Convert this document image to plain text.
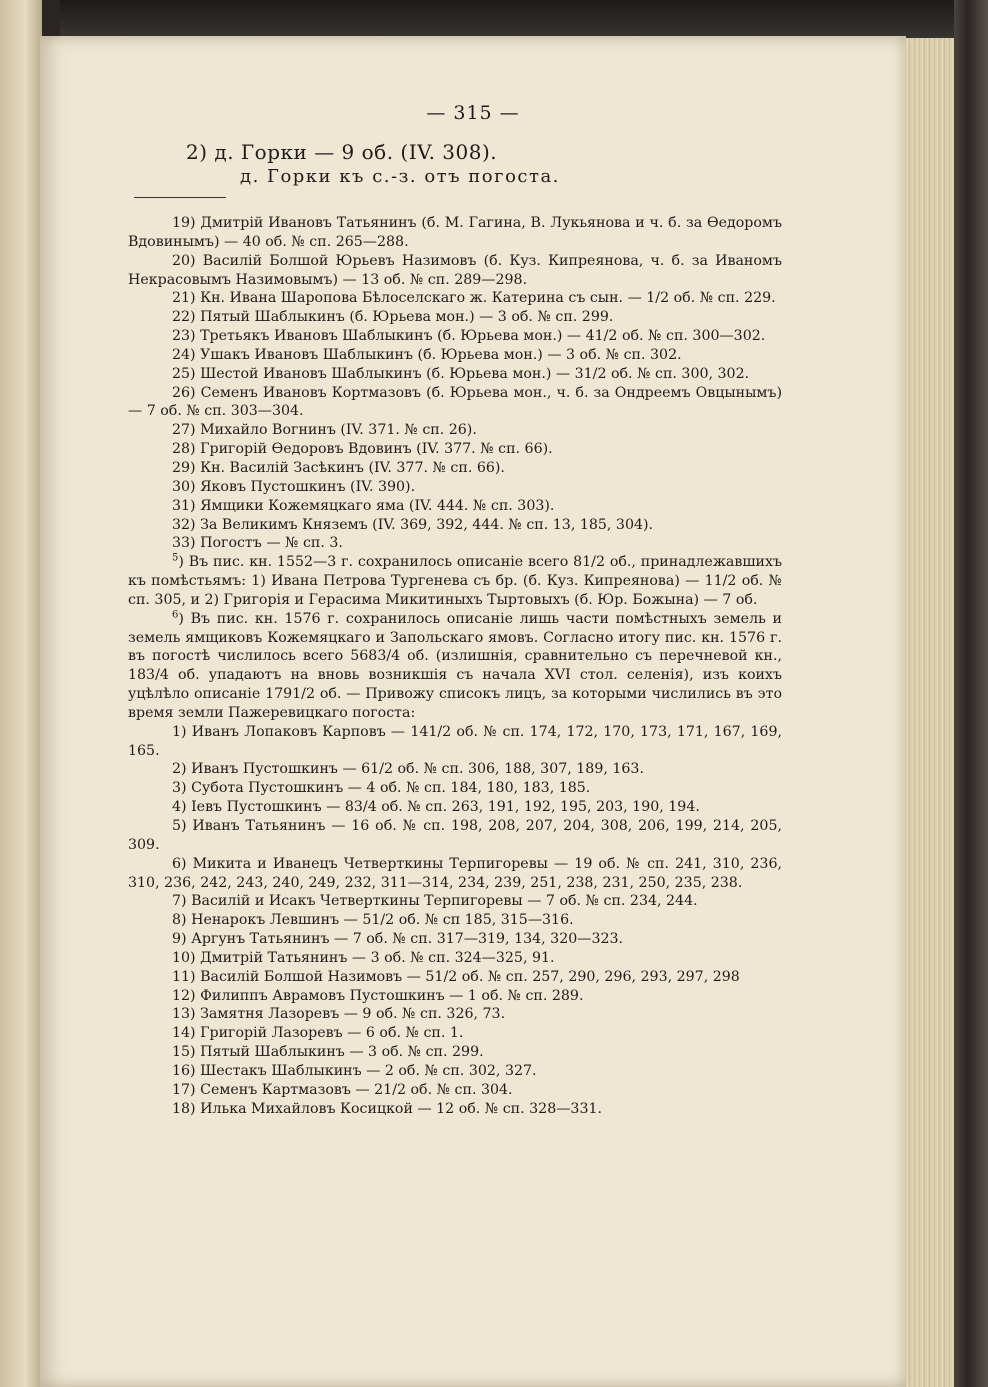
— 315 —
2) д. Горки — 9 об. (IV. 308).
д. Горки къ с.-з. отъ погоста.

19) Дмитрій Ивановъ Татьянинъ (б. М. Гагина, В. Лукьянова и ч. б. за Ѳедоромъ Вдовинымъ) — 40 об. № сп. 265—288.

20) Василій Болшой Юрьевъ Назимовъ (б. Куз. Кипреянова, ч. б. за Иваномъ Некрасовымъ Назимовымъ) — 13 об. № сп. 289—298.

21) Кн. Ивана Шаропова Бѣлоселскаго ж. Катерина съ сын. — 1/2 об. № сп. 229.

22) Пятый Шаблыкинъ (б. Юрьева мон.) — 3 об. № сп. 299.

23) Третьякъ Ивановъ Шаблыкинъ (б. Юрьева мон.) — 41/2 об. № сп. 300—302.

24) Ушакъ Ивановъ Шаблыкинъ (б. Юрьева мон.) — 3 об. № сп. 302.

25) Шестой Ивановъ Шаблыкинъ (б. Юрьева мон.) — 31/2 об. № сп. 300, 302.

26) Семенъ Ивановъ Кортмазовъ (б. Юрьева мон., ч. б. за Ондреемъ Овцынымъ) — 7 об. № сп. 303—304.

27) Михайло Вогнинъ (IV. 371. № сп. 26).

28) Григорій Ѳедоровъ Вдовинъ (IV. 377. № сп. 66).

29) Кн. Василій Засѣкинъ (IV. 377. № сп. 66).

30) Яковъ Пустошкинъ (IV. 390).

31) Ямщики Кожемяцкаго яма (IV. 444. № сп. 303).

32) За Великимъ Княземъ (IV. 369, 392, 444. № сп. 13, 185, 304).

33) Погостъ — № сп. 3.

$^5$) Въ пис. кн. 1552—3 г. сохранилось описаніе всего 81/2 об., принадлежавшихъ къ помѣстьямъ: 1) Ивана Петрова Тургенева съ бр. (б. Куз. Кипреянова) — 11/2 об. № сп. 305, и 2) Григорія и Герасима Микитиныхъ Тыртовыхъ (б. Юр. Божына) — 7 об.

$^6$) Въ пис. кн. 1576 г. сохранилось описаніе лишь части помѣстныхъ земель и земель ямщиковъ Кожемяцкаго и Запольскаго ямовъ. Согласно итогу пис. кн. 1576 г. въ погостѣ числилось всего 5683/4 об. (излишнія, сравнительно съ перечневой кн., 183/4 об. упадаютъ на вновь возникшія съ начала XVI стол. селенія), изъ коихъ уцѣлѣло описаніе 1791/2 об. — Привожу списокъ лицъ, за которыми числились въ это время земли Пажеревицкаго погоста:

1) Иванъ Лопаковъ Карповъ — 141/2 об. № сп. 174, 172, 170, 173, 171, 167, 169, 165.

2) Иванъ Пустошкинъ — 61/2 об. № сп. 306, 188, 307, 189, 163.

3) Субота Пустошкинъ — 4 об. № сп. 184, 180, 183, 185.

4) Іевъ Пустошкинъ — 83/4 об. № сп. 263, 191, 192, 195, 203, 190, 194.

5) Иванъ Татьянинъ — 16 об. № сп. 198, 208, 207, 204, 308, 206, 199, 214, 205, 309.

6) Микита и Иванецъ Четверткины Терпигоревы — 19 об. № сп. 241, 310, 236, 310, 236, 242, 243, 240, 249, 232, 311—314, 234, 239, 251, 238, 231, 250, 235, 238.

7) Василій и Исакъ Четверткины Терпигоревы — 7 об. № сп. 234, 244.

8) Ненарокъ Левшинъ — 51/2 об. № сп 185, 315—316.

9) Аргунъ Татьянинъ — 7 об. № сп. 317—319, 134, 320—323.

10) Дмитрій Татьянинъ — 3 об. № сп. 324—325, 91.

11) Василій Болшой Назимовъ — 51/2 об. № сп. 257, 290, 296, 293, 297, 298

12) Филиппъ Аврамовъ Пустошкинъ — 1 об. № сп. 289.

13) Замятня Лазоревъ — 9 об. № сп. 326, 73.

14) Григорій Лазоревъ — 6 об. № сп. 1.

15) Пятый Шаблыкинъ — 3 об. № сп. 299.

16) Шестакъ Шаблыкинъ — 2 об. № сп. 302, 327.

17) Семенъ Картмазовъ — 21/2 об. № сп. 304.

18) Илька Михайловъ Косицкой — 12 об. № сп. 328—331.
